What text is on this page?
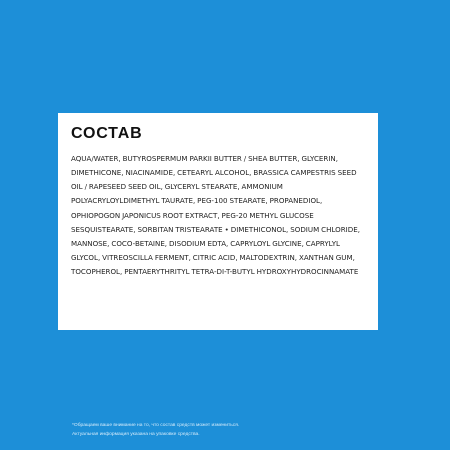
СОСТАВ
AQUA/WATER, BUTYROSPERMUM PARKII BUTTER / SHEA BUTTER, GLYCERIN, DIMETHICONE, NIACINAMIDE, CETEARYL ALCOHOL, BRASSICA CAMPESTRIS SEED OIL / RAPESEED SEED OIL, GLYCERYL STEARATE, AMMONIUM POLYACRYLOYLDIMETHYL TAURATE, PEG-100 STEARATE, PROPANEDIOL, OPHIOPOGON JAPONICUS ROOT EXTRACT, PEG-20 METHYL GLUCOSE SESQUISTEARATE, SORBITAN TRISTEARATE • DIMETHICONOL, SODIUM CHLORIDE, MANNOSE, COCO-BETAINE, DISODIUM EDTA, CAPRYLOYL GLYCINE, CAPRYLYL GLYCOL, VITREOSCILLA FERMENT, CITRIC ACID, MALTODEXTRIN, XANTHAN GUM, TOCOPHEROL, PENTAERYTHRITYL TETRA-DI-T-BUTYL HYDROXYHYDROCINNAMATE
*Обращаем ваше внимание на то, что состав средств может измениться.
Актуальная информация указана на упаковке средства.
